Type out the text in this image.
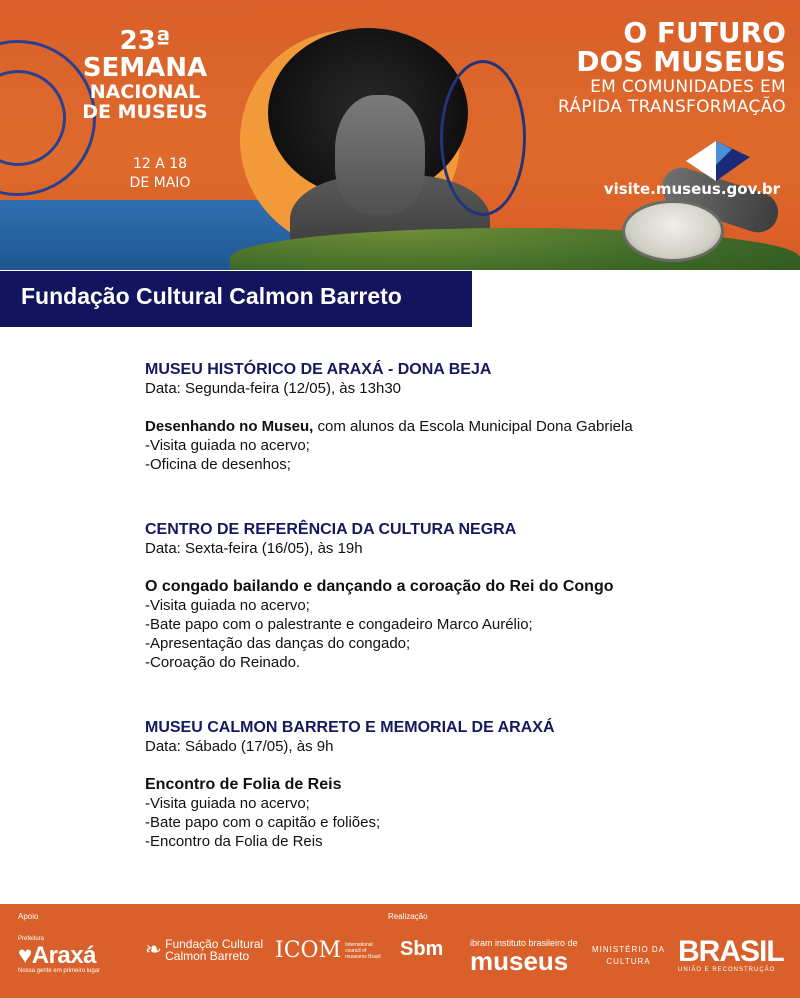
23ª SEMANA
NACIONAL
DE MUSEUS
12 A 18
DE MAIO
O FUTURO
DOS MUSEUS
EM COMUNIDADES EM
RÁPIDA TRANSFORMAÇÃO
visite.museus.gov.br
Fundação Cultural Calmon Barreto
MUSEU HISTÓRICO DE ARAXÁ - DONA BEJA
Data: Segunda-feira (12/05), às 13h30
Desenhando no Museu, com alunos da Escola Municipal Dona Gabriela
-Visita guiada no acervo;
-Oficina de desenhos;
CENTRO DE REFERÊNCIA DA CULTURA NEGRA
Data: Sexta-feira (16/05), às 19h
O congado bailando e dançando a coroação do Rei do Congo
-Visita guiada no acervo;
-Bate papo com o palestrante e congadeiro Marco Aurélio;
-Apresentação das danças do congado;
-Coroação do Reinado.
MUSEU CALMON BARRETO E MEMORIAL DE ARAXÁ
Data: Sábado (17/05), às 9h
Encontro de Folia de Reis
-Visita guiada no acervo;
-Bate papo com o capitão e foliões;
-Encontro da Folia de Reis
Apoio	Realização
Prefeitura
♥Araxá
Nossa gente em primeiro lugar
❧ Fundação Cultural
Calmon Barreto	ICOM International council of museums Brasil Sbm	ibram instituto brasileiro de
museus	MINISTÉRIO DA
CULTURA BRASIL
UNIÃO E RECONSTRUÇÃO
